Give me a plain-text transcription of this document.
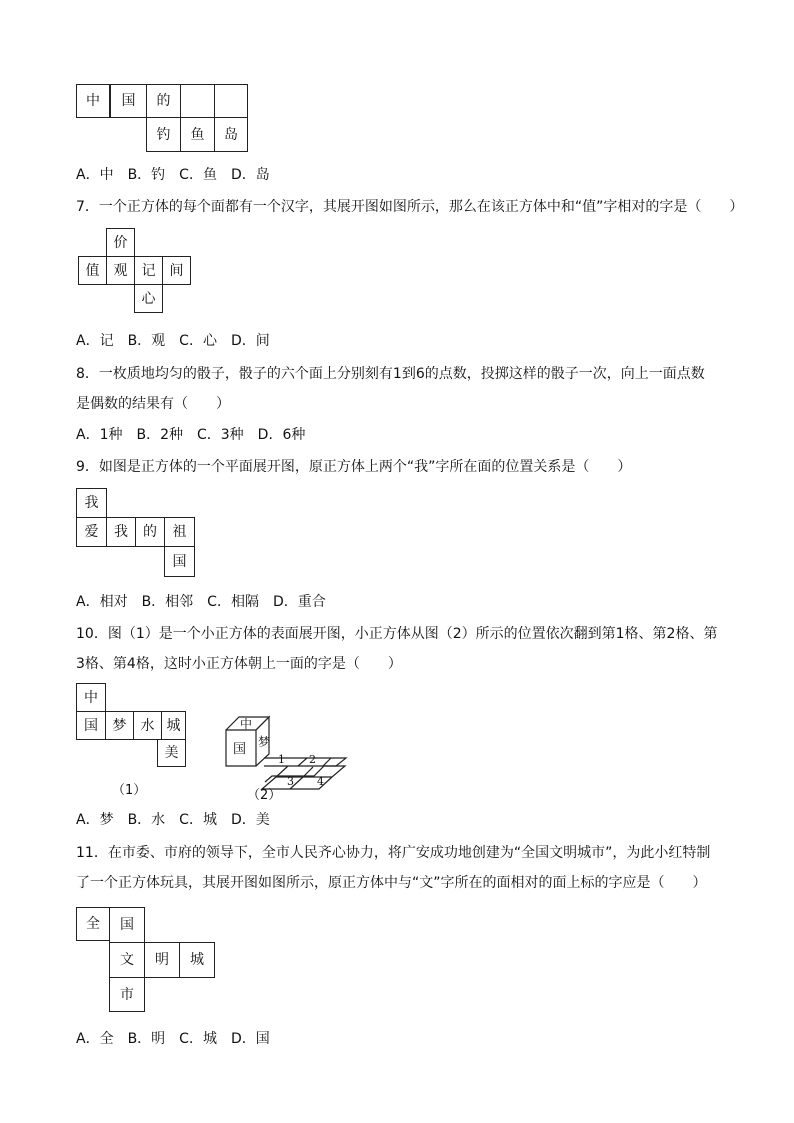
中	国	的
钓	鱼	岛
A．中　B．钓　C．鱼　D．岛
7．一个正方体的每个面都有一个汉字，其展开图如图所示，那么在该正方体中和“值”字相对的字是（　　）
价
值	观	记	间
心
A．记　B．观　C．心　D．间
8．一枚质地均匀的骰子，骰子的六个面上分别刻有1到6的点数，投掷这样的骰子一次，向上一面点数
是偶数的结果有（　　）
A．1种　B．2种　C．3种　D．6种
9．如图是正方体的一个平面展开图，原正方体上两个“我”字所在面的位置关系是（　　）
我
爱	我	的	祖
国
A．相对　B．相邻　C．相隔　D．重合
10．图（1）是一个小正方体的表面展开图，小正方体从图（2）所示的位置依次翻到第1格、第2格、第
3格、第4格，这时小正方体朝上一面的字是（　　）
中
国	梦	水 城
美
（1）
中
国 梦
1 2
3 4
（2）
A．梦　B．水　C．城　D．美
11．在市委、市府的领导下，全市人民齐心协力，将广安成功地创建为“全国文明城市”，为此小红特制
了一个正方体玩具，其展开图如图所示，原正方体中与“文”字所在的面相对的面上标的字应是（　　）
全	国
文	明	城
市
A．全　B．明　C．城　D．国
